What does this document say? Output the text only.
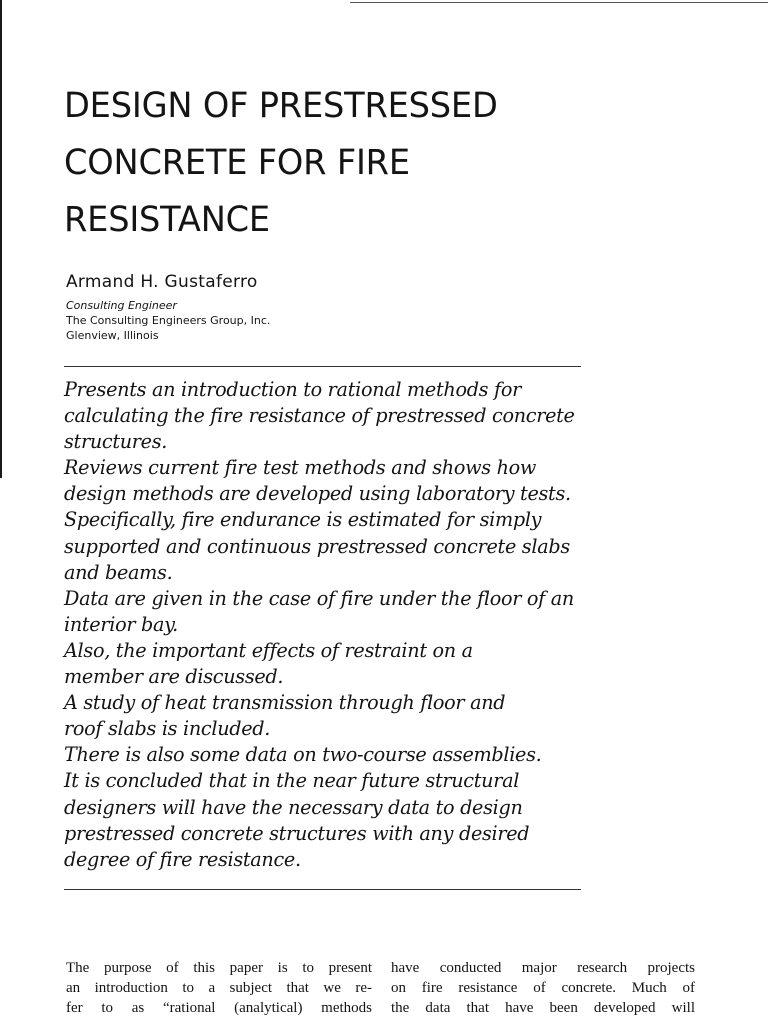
DESIGN OF PRESTRESSED
CONCRETE FOR FIRE
RESISTANCE
Armand H. Gustaferro
Consulting Engineer
The Consulting Engineers Group, Inc.
Glenview, Illinois
Presents an introduction to rational methods for
calculating the fire resistance of prestressed concrete
structures.
Reviews current fire test methods and shows how
design methods are developed using laboratory tests.
Specifically, fire endurance is estimated for simply
supported and continuous prestressed concrete slabs
and beams.
Data are given in the case of fire under the floor of an
interior bay.
Also, the important effects of restraint on a
member are discussed.
A study of heat transmission through floor and
roof slabs is included.
There is also some data on two-course assemblies.
It is concluded that in the near future structural
designers will have the necessary data to design
prestressed concrete structures with any desired
degree of fire resistance.
The purpose of this paper is to present
an introduction to a subject that we re-
fer to as “rational (analytical) methods
have conducted major research projects
on fire resistance of concrete. Much of
the data that have been developed will
